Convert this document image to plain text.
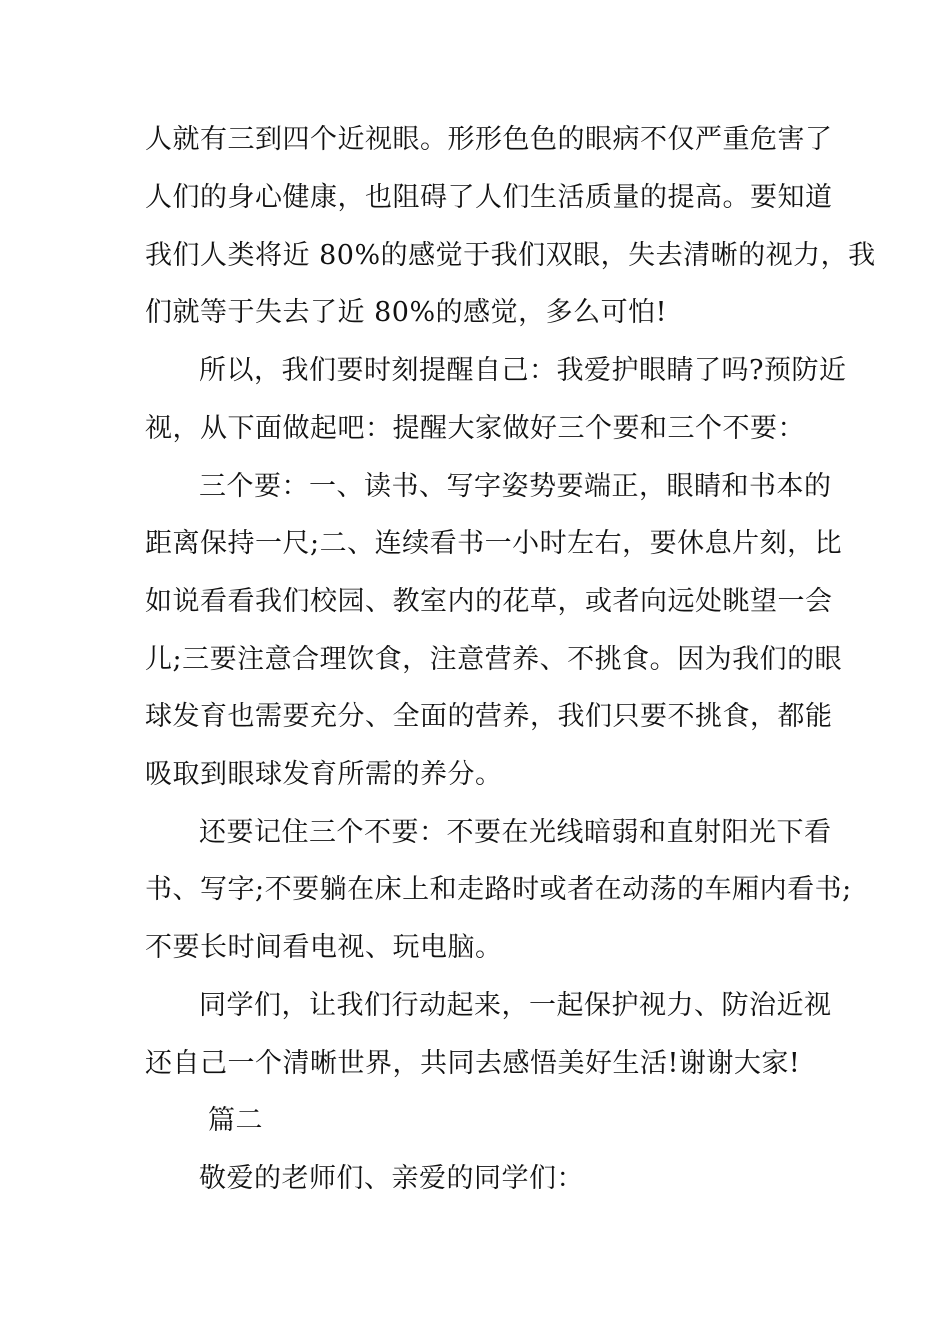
人就有三到四个近视眼。形形色色的眼病不仅严重危害了
人们的身心健康，也阻碍了人们生活质量的提高。要知道
我们人类将近 80%的感觉于我们双眼，失去清晰的视力，我
们就等于失去了近 80%的感觉，多么可怕!
所以，我们要时刻提醒自己：我爱护眼睛了吗?预防近
视，从下面做起吧：提醒大家做好三个要和三个不要：
三个要：一、读书、写字姿势要端正，眼睛和书本的
距离保持一尺;二、连续看书一小时左右，要休息片刻，比
如说看看我们校园、教室内的花草，或者向远处眺望一会
儿;三要注意合理饮食，注意营养、不挑食。因为我们的眼
球发育也需要充分、全面的营养，我们只要不挑食，都能
吸取到眼球发育所需的养分。
还要记住三个不要：不要在光线暗弱和直射阳光下看
书、写字;不要躺在床上和走路时或者在动荡的车厢内看书;
不要长时间看电视、玩电脑。
同学们，让我们行动起来，一起保护视力、防治近视
还自己一个清晰世界，共同去感悟美好生活!谢谢大家!
篇二
敬爱的老师们、亲爱的同学们：
